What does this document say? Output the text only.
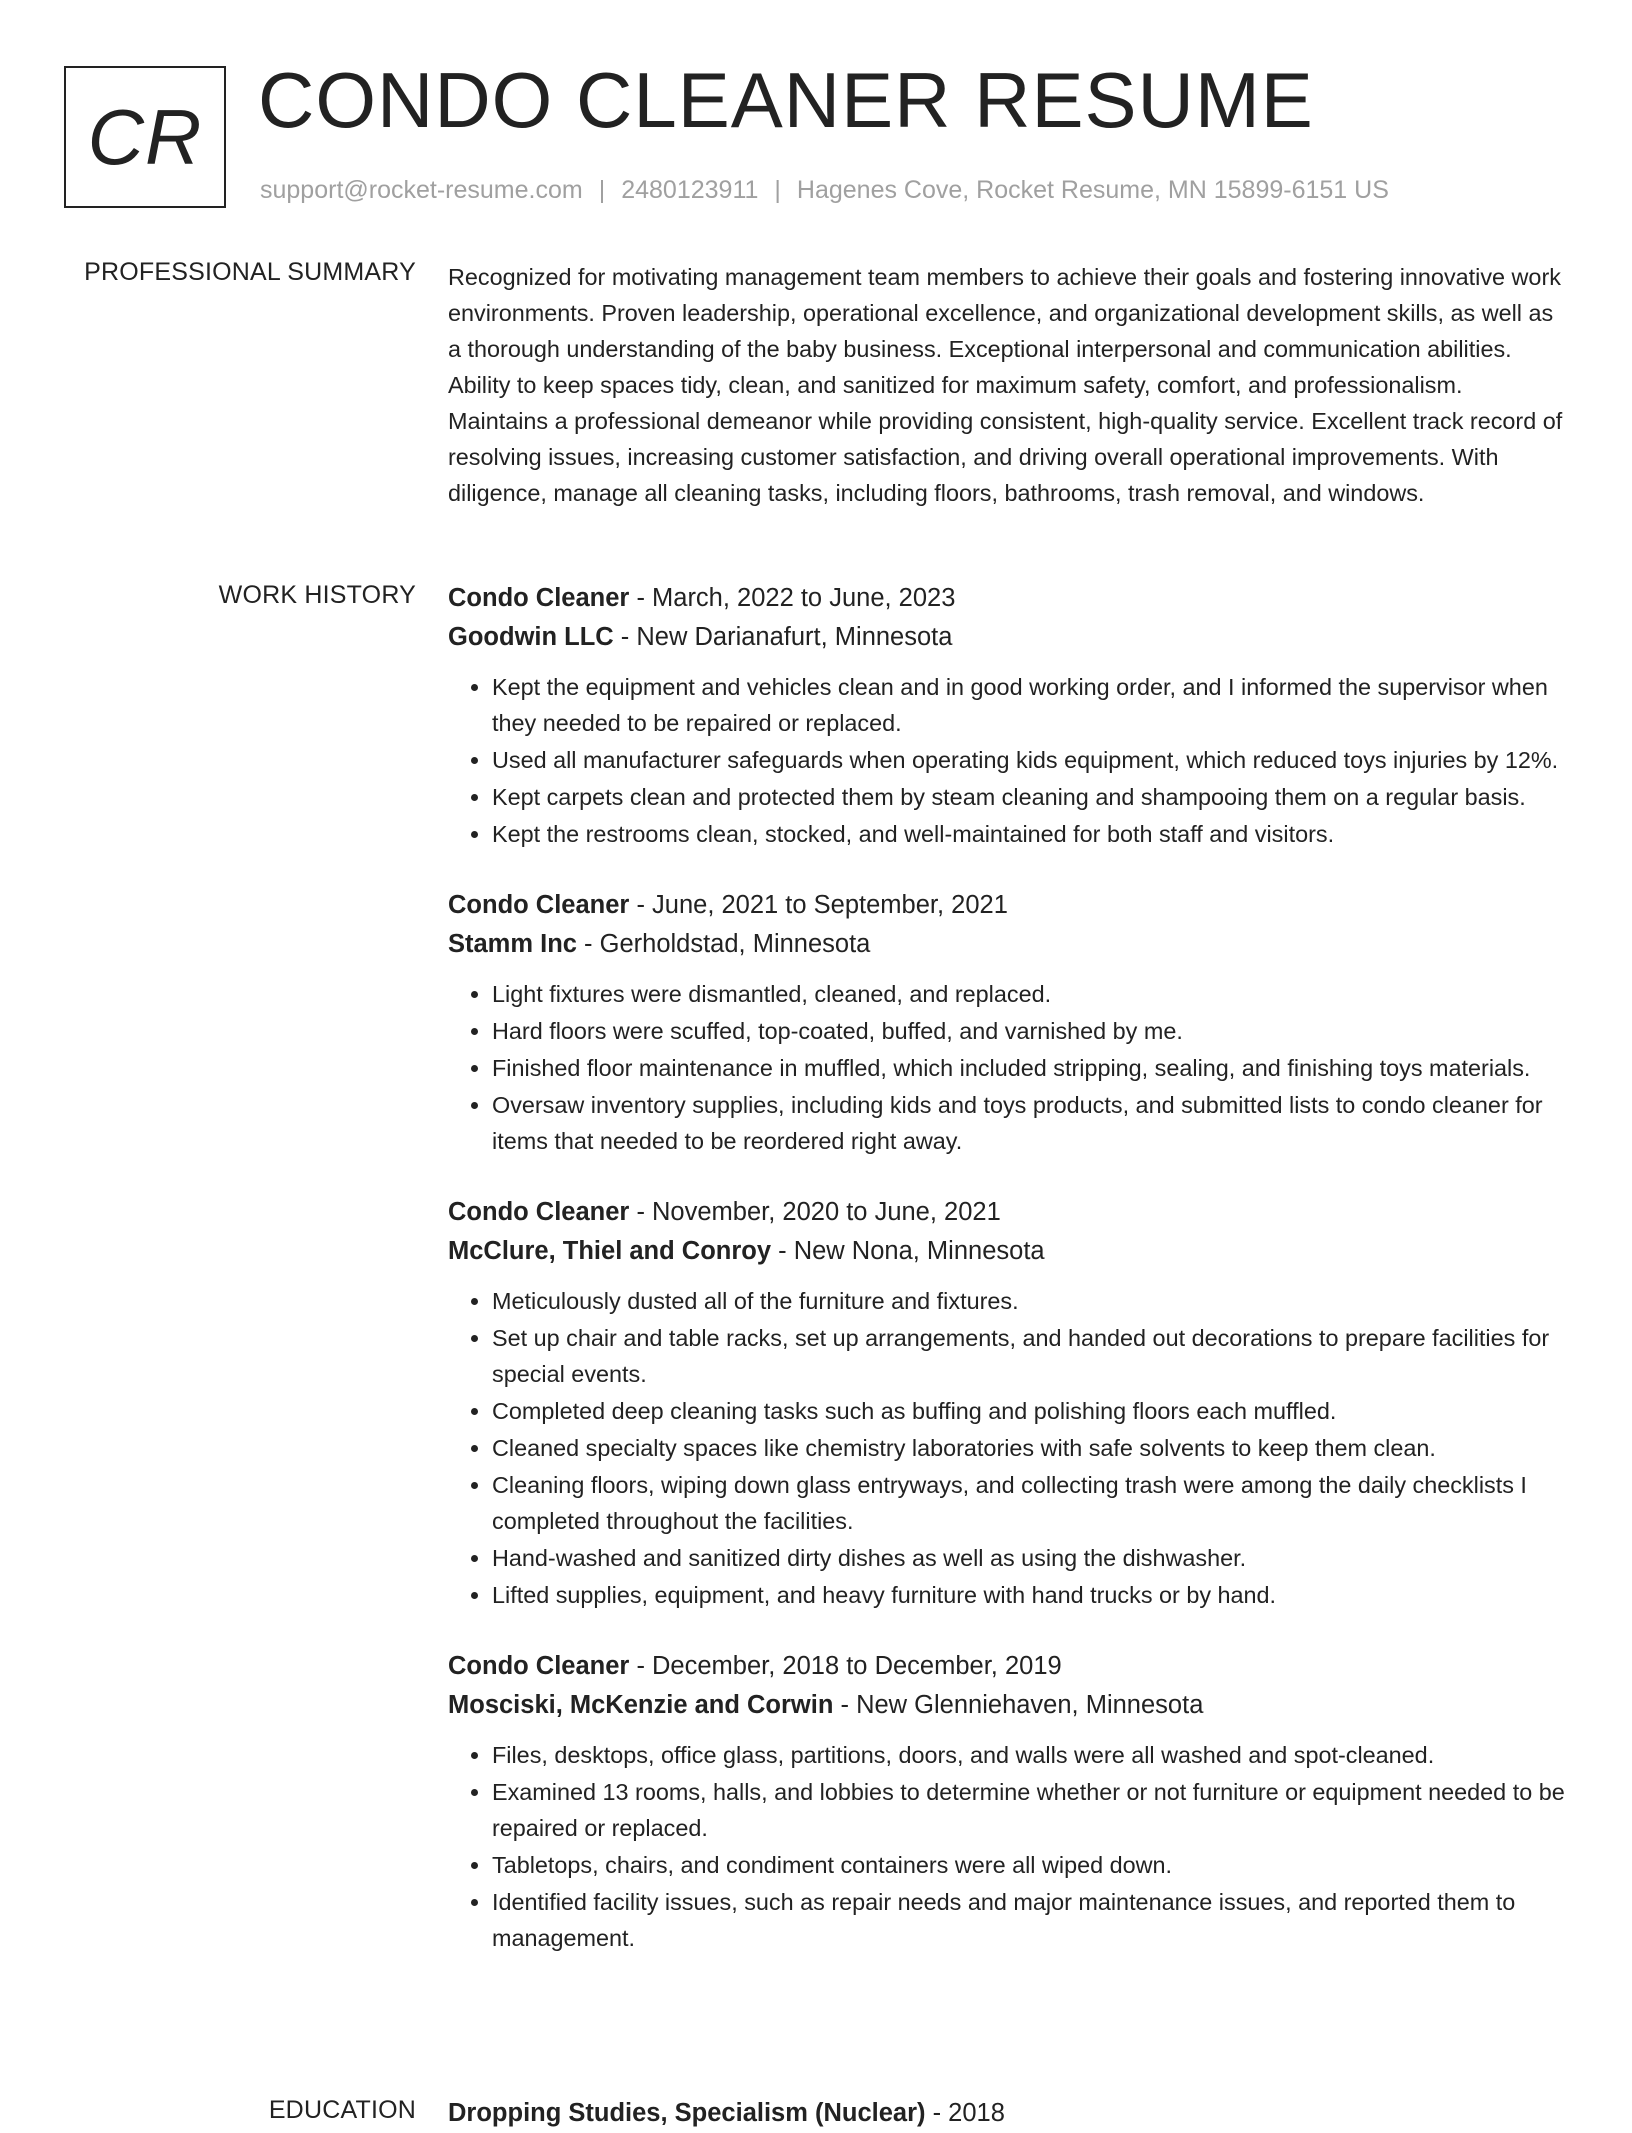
CR CONDO CLEANER RESUME
support@rocket-resume.com | 2480123911 | Hagenes Cove, Rocket Resume, MN 15899-6151 US
PROFESSIONAL SUMMARY Recognized for motivating management team members to achieve their goals and fostering innovative work environments. Proven leadership, operational excellence, and organizational development skills, as well as a thorough understanding of the baby business. Exceptional interpersonal and communication abilities. Ability to keep spaces tidy, clean, and sanitized for maximum safety, comfort, and professionalism. Maintains a professional demeanor while providing consistent, high-quality service. Excellent track record of resolving issues, increasing customer satisfaction, and driving overall operational improvements. With diligence, manage all cleaning tasks, including floors, bathrooms, trash removal, and windows.

WORK HISTORY Condo Cleaner - March, 2022 to June, 2023
Goodwin LLC - New Darianafurt, Minnesota
• Kept the equipment and vehicles clean and in good working order, and I informed the supervisor when they needed to be repaired or replaced.
• Used all manufacturer safeguards when operating kids equipment, which reduced toys injuries by 12%.
• Kept carpets clean and protected them by steam cleaning and shampooing them on a regular basis.
• Kept the restrooms clean, stocked, and well-maintained for both staff and visitors.
Condo Cleaner - June, 2021 to September, 2021
Stamm Inc - Gerholdstad, Minnesota
• Light fixtures were dismantled, cleaned, and replaced.
• Hard floors were scuffed, top-coated, buffed, and varnished by me.
• Finished floor maintenance in muffled, which included stripping, sealing, and finishing toys materials.
• Oversaw inventory supplies, including kids and toys products, and submitted lists to condo cleaner for items that needed to be reordered right away.
Condo Cleaner - November, 2020 to June, 2021
McClure, Thiel and Conroy - New Nona, Minnesota
• Meticulously dusted all of the furniture and fixtures.
• Set up chair and table racks, set up arrangements, and handed out decorations to prepare facilities for special events.
• Completed deep cleaning tasks such as buffing and polishing floors each muffled.
• Cleaned specialty spaces like chemistry laboratories with safe solvents to keep them clean.
• Cleaning floors, wiping down glass entryways, and collecting trash were among the daily checklists I completed throughout the facilities.
• Hand-washed and sanitized dirty dishes as well as using the dishwasher.
• Lifted supplies, equipment, and heavy furniture with hand trucks or by hand.
Condo Cleaner - December, 2018 to December, 2019
Mosciski, McKenzie and Corwin - New Glenniehaven, Minnesota
• Files, desktops, office glass, partitions, doors, and walls were all washed and spot-cleaned.
• Examined 13 rooms, halls, and lobbies to determine whether or not furniture or equipment needed to be repaired or replaced.
• Tabletops, chairs, and condiment containers were all wiped down.
• Identified facility issues, such as repair needs and major maintenance issues, and reported them to management.
EDUCATION Dropping Studies, Specialism (Nuclear) - 2018
